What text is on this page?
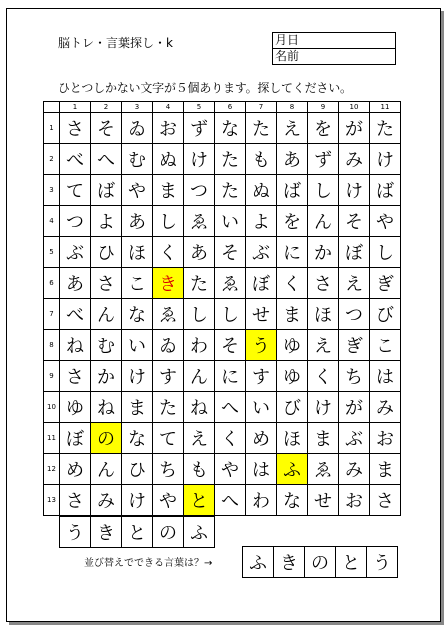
脳トレ・言葉探し・k	月日
名前
ひとつしかない文字が５個あります。探してください。
	1	2	3	4	5	6	7	8	9	10	11
1	さ	そ	ゐ	お	ず	な	た	え	を	が	た
2	べ	へ	む	ぬ	け	た	も	あ	ず	み	け
3	て	ば	や	ま	つ	た	ぬ	ば	し	け	ば
4	つ	よ	あ	し	ゑ	い	よ	を	ん	そ	や
5	ぶ	ひ	ほ	く	あ	そ	ぶ	に	か	ぼ	し
6	あ	さ	こ	き	た	ゑ	ぼ	く	さ	え	ぎ
7	べ	ん	な	ゑ	し	し	せ	ま	ほ	つ	び
8	ね	む	い	ゐ	わ	そ	う	ゆ	え	ぎ	こ
9	さ	か	け	す	ん	に	す	ゆ	く	ち	は
10	ゆ	ね	ま	た	ね	へ	い	び	け	が	み
11	ぼ	の	な	て	え	く	め	ほ	ま	ぶ	お
12	め	ん	ひ	ち	も	や	は	ふ	ゑ	み	ま
13	さ	み	け	や	と	へ	わ	な	せ	お	さ
う	き	と	の	ふ
並び替えでできる言葉は？→ ふ	き	の	と	う
